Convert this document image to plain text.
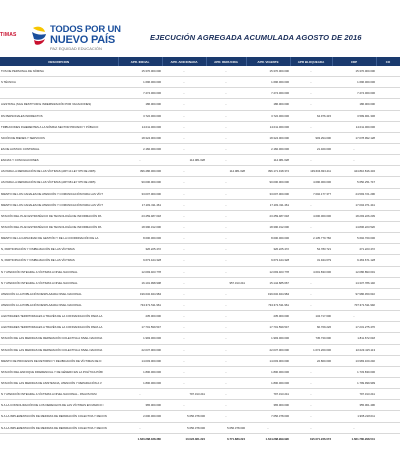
TIMAS	TODOS POR UN
NUEVO PAÍS
PAZ EQUIDAD EDUCACIÓN
EJECUCIÓN AGREGADA ACUMULADA AGOSTO DE 2016
DESCRIPCION	APR. INICIAL	APR. ADICIONADA	APR. REDUCIDA	APR. VIGENTE	APR BLOQUEADA	CDP	CO
TOS DE PERSONAL DE NÓMINA	15.370.000.000	-	-	15.370.000.000	-	15.370.000.000	
S TÉCNICA	1.696.000.000	-	-	1.696.000.000	-	1.696.000.000	
	7.274.000.000	-	-	7.274.000.000	-	7.274.000.000	
A ESTATAL (SGG RESTITUIR E INDEMNIZACIÓN POR VACACIONES)	186.000.000	-	-	186.000.000	-	186.000.000	
DS PERSONALES INDIRECTOS	3.722.000.000	-	-	3.722.000.000	64.976.415	3.599.901.306	
TRIBUCIONES INHERENTES A LA NÓMINA SECTOR PRIVADO Y PÚBLICO	14.011.000.000	-	-	14.011.000.000	-	14.011.000.000	
SICIÓN DE BIENES Y SERVICIOS	18.324.000.000	-	-	18.324.000.000	903.294.000	17.078.992.128	
ES DE AUSTAIC CONTRAVAL	2.182.000.000	-	-	2.182.000.000	21.400.000	-	
ENCIAS Y CONCILIACIONES	-	114.081.628	-	114.081.628	-	-	
AS PARA LA REPARACIÓN DE LAS VÍCTIMAS (ART.14 LEY 975 DE 2005)	396.286.000.000	-	114.081.628	396.171.918.372	139.604.823.411	444.810.816.432	
AS PARA LA REPARACIÓN DE LAS VÍCTIMAS (ART.98 LEY 975 DE 2005)	90.000.000.000	-	-	90.000.000.000	4.090.000.000	5.650.251.747	
MIENTO DE LOS CANALES DE ATENCIÓN Y COMUNICACIÓN PARA LAS VÍCT	33.007.000.000	-	-	33.007.000.000	7.002.177.377	24.593.721.296	
MIENTO DE LOS CANALES DE ATENCIÓN Y COMUNICACIÓN PARA LAS VÍCT	17.181.311.461	-	-	17.181.311.461	-	17.004.371.441	
NTACIÓN DEL PLAN ESTRATÉGICO DE TECNOLOGÍA DE INFORMACIÓN PA	23.459.487.018	-	-	23.459.487.018	4.000.000.000	18.293.226.239	
NTACIÓN DEL PLAN ESTRATÉGICO DE TECNOLOGÍA DE INFORMACIÓN PA	18.390.312.000	-	-	18.390.312.000	-	14.806.223.520	
MIENTO DE LA CAPACIDAD DE GESTIÓN Y DE LA COORDINACIÓN DE LA	8.000.000.000	-	-	8.000.000.000	2.135.770.760	5.602.700.000	
N, PARTICIPACIÓN Y VISIBILIZACIÓN DE LAS VÍCTIMAS	326.225.472	-	-	326.225.472	54.783.721	271.223.472	
N, PARTICIPACIÓN Y VISIBILIZACIÓN DE LAS VÍCTIMAS	9.673.424.328	-	-	9.673.424.328	31.944.679	9.463.671.128	
N Y ATENCIÓN INTEGRAL A VÍCTIMAS A NIVEL NACIONAL	12.093.403.778	-	-	12.093.403.778	4.001.833.000	12.086.893.001	
N Y ATENCIÓN INTEGRAL A VÍCTIMAS A NIVEL NACIONAL	16.101.998.908	-	957.313.241	15.144.685.667	-	14.337.786.140	
ATENCIÓN A LA POBLACIÓN DESPLAZADA NIVEL NACIONAL	199.032.924.984	-	-	199.032.924.984	-	97.986.450.610	
ATENCIÓN A LA POBLACIÓN DESPLAZADA NIVEL NACIONAL	734.371.511.961	-	-	734.371.511.961	-	707.371.511.992	
A ENTIDADES TERRITORIALES A TRAVÉS DE LA COFINANCIACIÓN PARA LA	235.000.000	-	-	235.000.000	134.717.600	-	
A ENTIDADES TERRITORIALES A TRAVÉS DE LA COFINANCIACIÓN PARA LA	17.701.599.547	-	-	17.701.599.547	60.709.226	17.231.275.476	
NTACIÓN DE LAS MEDIDAS DE REPARACIÓN COLECTIVA A NIVEL NACIONA	1.993.000.000	-	-	1.993.000.000	745.730.000	1.811.672.018	
NTACIÓN DE LAS MEDIDAS DE REPARACIÓN COLECTIVA A NIVEL NACIONA	22.037.000.000	-	-	22.037.000.000	1.074.200.000	22.023.415.113	
MIENTO DE PROCESOS DE RETORNO Y REUBICACIÓN DE VÍCTIMAS DE D	14.003.000.000	-	-	14.003.000.000	22.800.000	13.983.160.240	
NTACIÓN DEL ENFOQUE DIFERENCIAL Y DE GÉNERO EN LA POLÍTICA PÚBI	1.800.000.000	-	-	1.800.000.000	-	1.733.830.000	
NTACIÓN DE LAS MEDIDAS DE ASISTENCIA, ATENCIÓN Y REPARACIÓN A V	1.800.000.000	-	-	1.800.000.000	-	1.799.999.999	
N Y ATENCIÓN INTEGRAL A VÍCTIMAS A NIVEL NACIONAL - PAGOS PASI	-	797.313.241	-	797.313.241	-	797.313.241	
N A LA CONSOLIDACIÓN DE LOS DERECHOS DE LAS VÍCTIMAS EN MARCO I	365.000.000	-	-	365.000.000	-	355.061.496	
N A LA IMPLEMENTACIÓN DE MEDIDAS DE REPARACIÓN COLECTIVA Y RECON	2.000.000.000	5.056.378.000	-	7.056.378.000	-	1.965.218.011	
N A LA IMPLEMENTACIÓN DE MEDIDAS DE REPARACIÓN COLECTIVA Y RECON	-	5.056.378.000	5.056.378.000	-	-	-	
	1.630.288.188.380	10.023.381.224	6.771.883.224	1.644.288.999.990	195.071.226.073	1.661.780.298.541	
